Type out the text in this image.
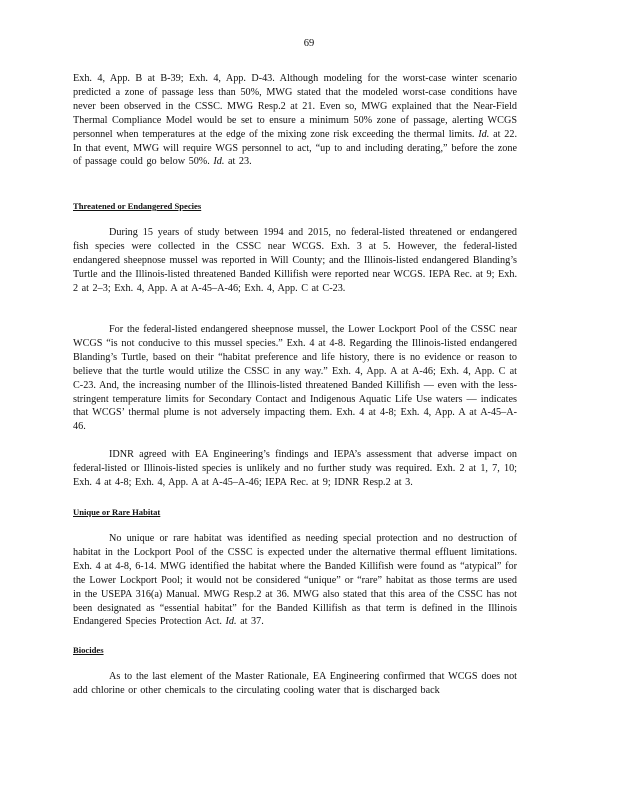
69

Exh. 4, App. B at B-39; Exh. 4, App. D-43. Although modeling for the worst-case winter scenario predicted a zone of passage less than 50%, MWG stated that the modeled worst-case conditions have never been observed in the CSSC. MWG Resp.2 at 21. Even so, MWG explained that the Near-Field Thermal Compliance Model would be set to ensure a minimum 50% zone of passage, alerting WCGS personnel when temperatures at the edge of the mixing zone risk exceeding the thermal limits. Id. at 22. In that event, MWG will require WGS personnel to act, “up to and including derating,” before the zone of passage could go below 50%. Id. at 23.

Threatened or Endangered Species

During 15 years of study between 1994 and 2015, no federal-listed threatened or endangered fish species were collected in the CSSC near WCGS. Exh. 3 at 5. However, the federal-listed endangered sheepnose mussel was reported in Will County; and the Illinois-listed endangered Blanding’s Turtle and the Illinois-listed threatened Banded Killifish were reported near WCGS. IEPA Rec. at 9; Exh. 2 at 2–3; Exh. 4, App. A at A-45–A-46; Exh. 4, App. C at C-23.

For the federal-listed endangered sheepnose mussel, the Lower Lockport Pool of the CSSC near WCGS “is not conducive to this mussel species.” Exh. 4 at 4-8. Regarding the Illinois-listed endangered Blanding’s Turtle, based on their “habitat preference and life history, there is no evidence or reason to believe that the turtle would utilize the CSSC in any way.” Exh. 4, App. A at A-46; Exh. 4, App. C at C-23. And, the increasing number of the Illinois-listed threatened Banded Killifish — even with the less-stringent temperature limits for Secondary Contact and Indigenous Aquatic Life Use waters — indicates that WCGS’ thermal plume is not adversely impacting them. Exh. 4 at 4-8; Exh. 4, App. A at A-45–A-46.

IDNR agreed with EA Engineering’s findings and IEPA’s assessment that adverse impact on federal-listed or Illinois-listed species is unlikely and no further study was required. Exh. 2 at 1, 7, 10; Exh. 4 at 4-8; Exh. 4, App. A at A-45–A-46; IEPA Rec. at 9; IDNR Resp.2 at 3.

Unique or Rare Habitat

No unique or rare habitat was identified as needing special protection and no destruction of habitat in the Lockport Pool of the CSSC is expected under the alternative thermal effluent limitations. Exh. 4 at 4-8, 6-14. MWG identified the habitat where the Banded Killifish were found as “atypical” for the Lower Lockport Pool; it would not be considered “unique” or “rare” habitat as those terms are used in the USEPA 316(a) Manual. MWG Resp.2 at 36. MWG also stated that this area of the CSSC has not been designated as “essential habitat” for the Banded Killifish as that term is defined in the Illinois Endangered Species Protection Act. Id. at 37.

Biocides

As to the last element of the Master Rationale, EA Engineering confirmed that WCGS does not add chlorine or other chemicals to the circulating cooling water that is discharged back
